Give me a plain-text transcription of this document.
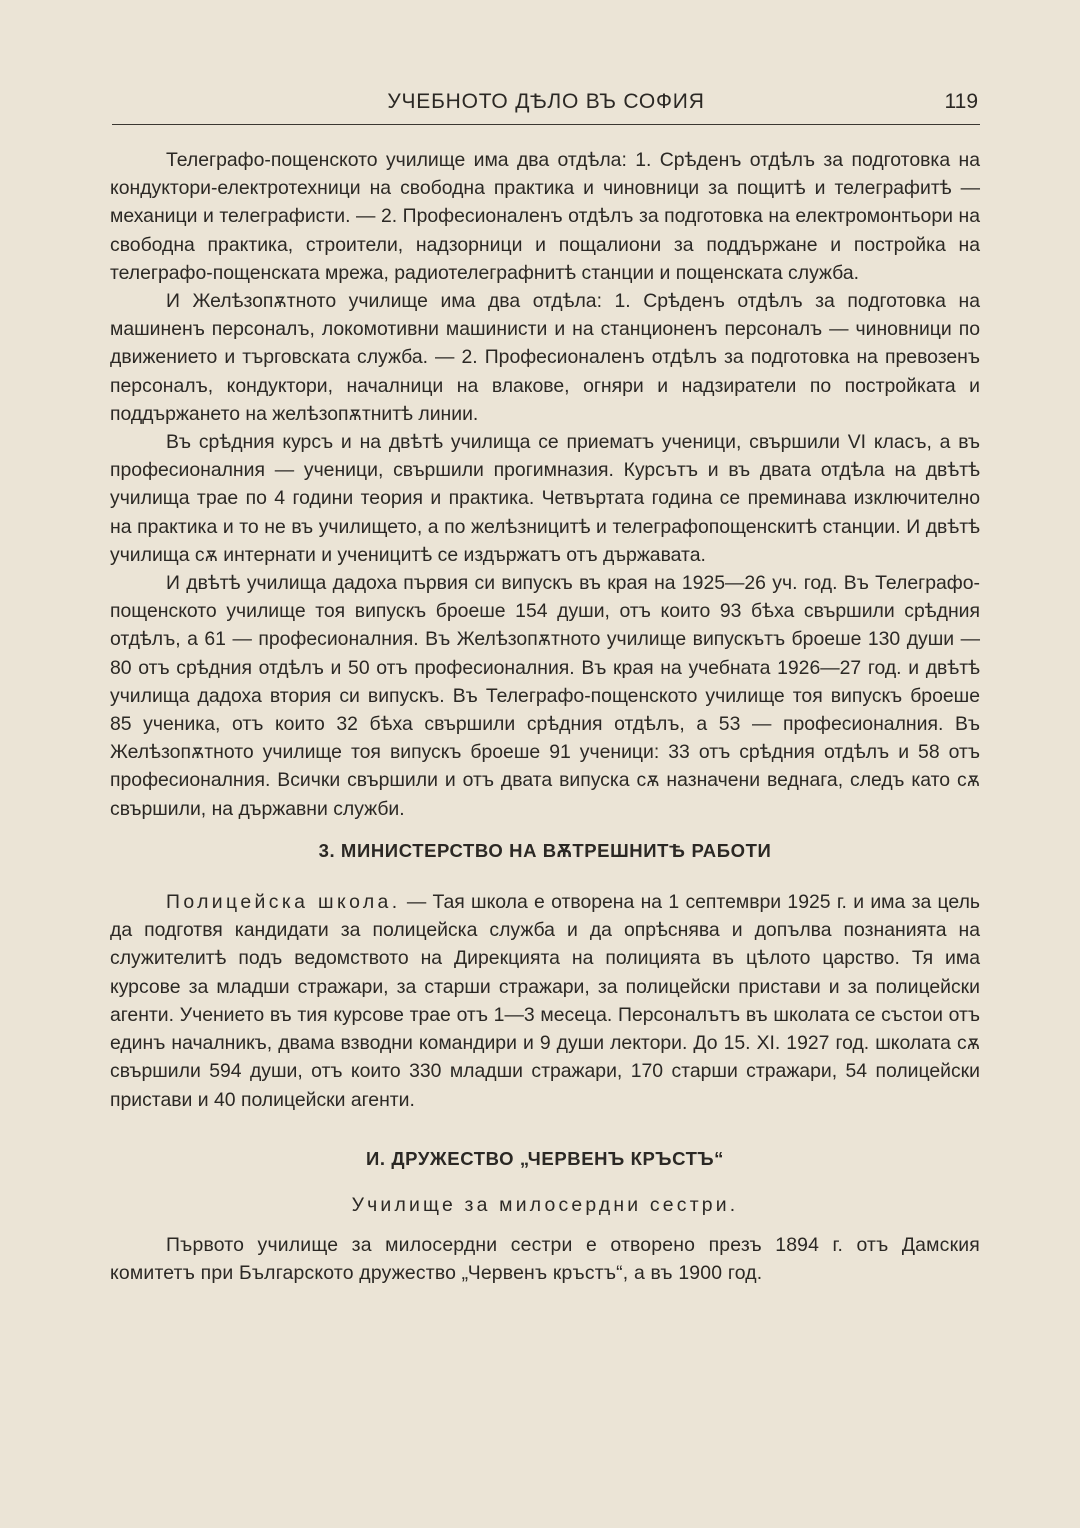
УЧЕБНОТО ДѢЛО ВЪ СОФИЯ	119

Телеграфо-пощенското училище има два отдѣла: 1. Срѣденъ отдѣлъ за подготовка на кондуктори-електротехници на свободна практика и чиновници за пощитѣ и телеграфитѣ — механици и телеграфисти. — 2. Професионаленъ отдѣлъ за подготовка на електромонтьори на свободна практика, строители, надзорници и пощалиони за поддържане и постройка на телеграфо-пощенската мрежа, радиотелеграфнитѣ станции и пощенската служба.

И Желѣзопѫтното училище има два отдѣла: 1. Срѣденъ отдѣлъ за подготовка на машиненъ персоналъ, локомотивни машинисти и на станционенъ персоналъ — чиновници по движението и търговската служба. — 2. Професионаленъ отдѣлъ за подготовка на превозенъ персоналъ, кондуктори, началници на влакове, огняри и надзиратели по постройката и поддържането на желѣзопѫтнитѣ линии.

Въ срѣдния курсъ и на двѣтѣ училища се приематъ ученици, свършили VI класъ, а въ професионалния — ученици, свършили прогимназия. Курсътъ и въ двата отдѣла на двѣтѣ училища трае по 4 години теория и практика. Четвъртата година се преминава изключително на практика и то не въ училището, а по желѣзницитѣ и телеграфопощенскитѣ станции. И двѣтѣ училища сѫ интернати и ученицитѣ се издържатъ отъ държавата.

И двѣтѣ училища дадоха първия си випускъ въ края на 1925—26 уч. год. Въ Телеграфо-пощенското училище тоя випускъ броеше 154 души, отъ които 93 бѣха свършили срѣдния отдѣлъ, а 61 — професионалния. Въ Желѣзопѫтното училище випускътъ броеше 130 души — 80 отъ срѣдния отдѣлъ и 50 отъ професионалния. Въ края на учебната 1926—27 год. и двѣтѣ училища дадоха втория си випускъ. Въ Телеграфо-пощенското училище тоя випускъ броеше 85 ученика, отъ които 32 бѣха свършили срѣдния отдѣлъ, а 53 — професионалния. Въ Желѣзопѫтното училище тоя випускъ броеше 91 ученици: 33 отъ срѣдния отдѣлъ и 58 отъ професионалния. Всички свършили и отъ двата випуска сѫ назначени веднага, следъ като сѫ свършили, на държавни служби.

3. МИНИСТЕРСТВО НА ВѪТРЕШНИТѢ РАБОТИ

Полицейска школа. — Тая школа е отворена на 1 септември 1925 г. и има за цель да подготвя кандидати за полицейска служба и да опрѣснява и допълва познанията на служителитѣ подъ ведомството на Дирекцията на полицията въ цѣлото царство. Тя има курсове за младши стражари, за старши стражари, за полицейски пристави и за полицейски агенти. Учението въ тия курсове трае отъ 1—3 месеца. Персоналътъ въ школата се състои отъ единъ началникъ, двама взводни командири и 9 души лектори. До 15. XI. 1927 год. школата сѫ свършили 594 души, отъ които 330 младши стражари, 170 старши стражари, 54 полицейски пристави и 40 полицейски агенти.

И. ДРУЖЕСТВО „ЧЕРВЕНЪ КРЪСТЪ“
Училище за милосердни сестри.

Първото училище за милосердни сестри е отворено презъ 1894 г. отъ Дамския комитетъ при Българското дружество „Червенъ кръстъ“, а въ 1900 год.
